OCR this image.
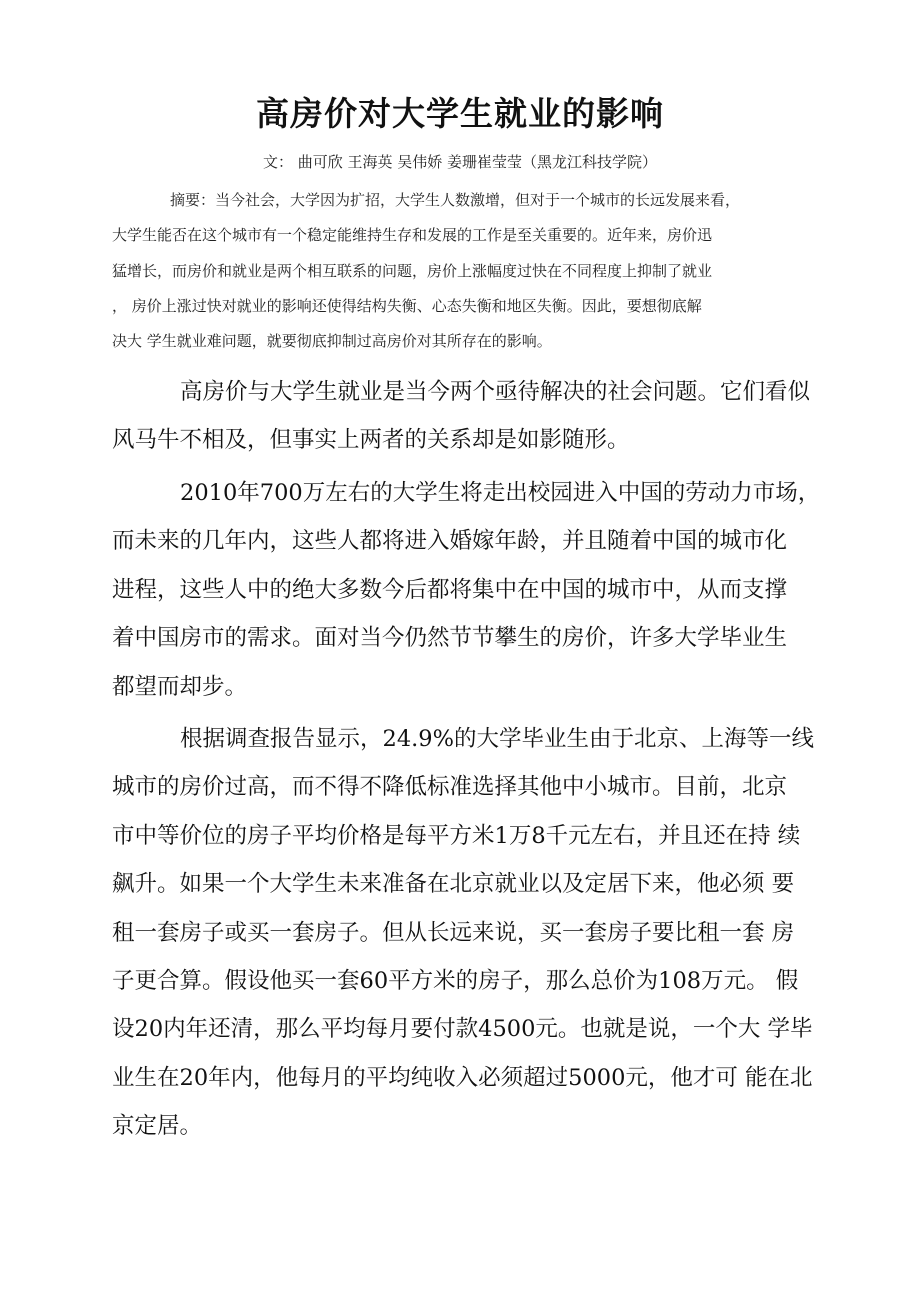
高房价对大学生就业的影响
文： 曲可欣 王海英 吴伟娇 姜珊崔莹莹（黑龙江科技学院）
摘要：当今社会，大学因为扩招，大学生人数激增，但对于一个城市的长远发展来看，
大学生能否在这个城市有一个稳定能维持生存和发展的工作是至关重要的。近年来，房价迅
猛增长，而房价和就业是两个相互联系的问题，房价上涨幅度过快在不同程度上抑制了就业
， 房价上涨过快对就业的影响还使得结构失衡、心态失衡和地区失衡。因此，要想彻底解
决大 学生就业难问题，就要彻底抑制过高房价对其所存在的影响。
高房价与大学生就业是当今两个亟待解决的社会问题。它们看似
风马牛不相及，但事实上两者的关系却是如影随形。
2010年700万左右的大学生将走出校园进入中国的劳动力市场，
而未来的几年内，这些人都将进入婚嫁年龄，并且随着中国的城市化
进程，这些人中的绝大多数今后都将集中在中国的城市中，从而支撑
着中国房市的需求。面对当今仍然节节攀生的房价，许多大学毕业生
都望而却步。
根据调查报告显示，24.9%的大学毕业生由于北京、上海等一线
城市的房价过高，而不得不降低标准选择其他中小城市。目前，北京
市中等价位的房子平均价格是每平方米1万8千元左右，并且还在持 续
飙升。如果一个大学生未来准备在北京就业以及定居下来，他必须 要
租一套房子或买一套房子。但从长远来说，买一套房子要比租一套 房
子更合算。假设他买一套60平方米的房子，那么总价为108万元。 假
设20内年还清，那么平均每月要付款4500元。也就是说，一个大 学毕
业生在20年内，他每月的平均纯收入必须超过5000元，他才可 能在北
京定居。
